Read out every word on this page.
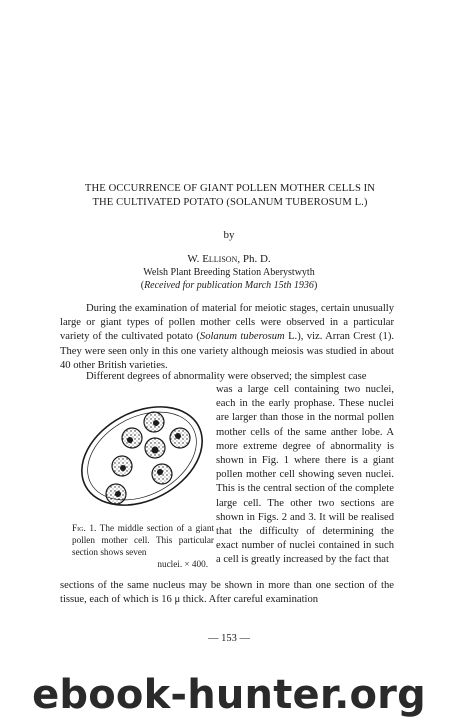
THE OCCURRENCE OF GIANT POLLEN MOTHER CELLS IN
THE CULTIVATED POTATO (SOLANUM TUBEROSUM L.)
by
W. Ellison, Ph. D.
Welsh Plant Breeding Station Aberystwyth
(Received for publication March 15th 1936)

During the examination of material for meiotic stages, certain unusually large or giant types of pollen mother cells were observed in a particular variety of the cultivated potato (Solanum tuberosum L.), viz. Arran Crest (1). They were seen only in this one variety although meiosis was studied in about 40 other British varieties.

Different degrees of abnormality were observed; the simplest case

was a large cell containing two nuclei, each in the early prophase. These nuclei are larger than those in the normal pollen mother cells of the same anther lobe. A more extreme degree of abnormality is shown in Fig. 1 where there is a giant pollen mother cell showing seven nuclei. This is the central section of the complete large cell. The other two sections are shown in Figs. 2 and 3. It will be realised that the difficulty of determining the exact number of nuclei contained in such a cell is greatly increased by the fact that

Fig. 1. The middle section of a giant pollen mother cell. This particular section shows seven
nuclei. × 400.

sections of the same nucleus may be shown in more than one section of the tissue, each of which is 16 μ thick. After careful examination

— 153 —
ebook-hunter.org
